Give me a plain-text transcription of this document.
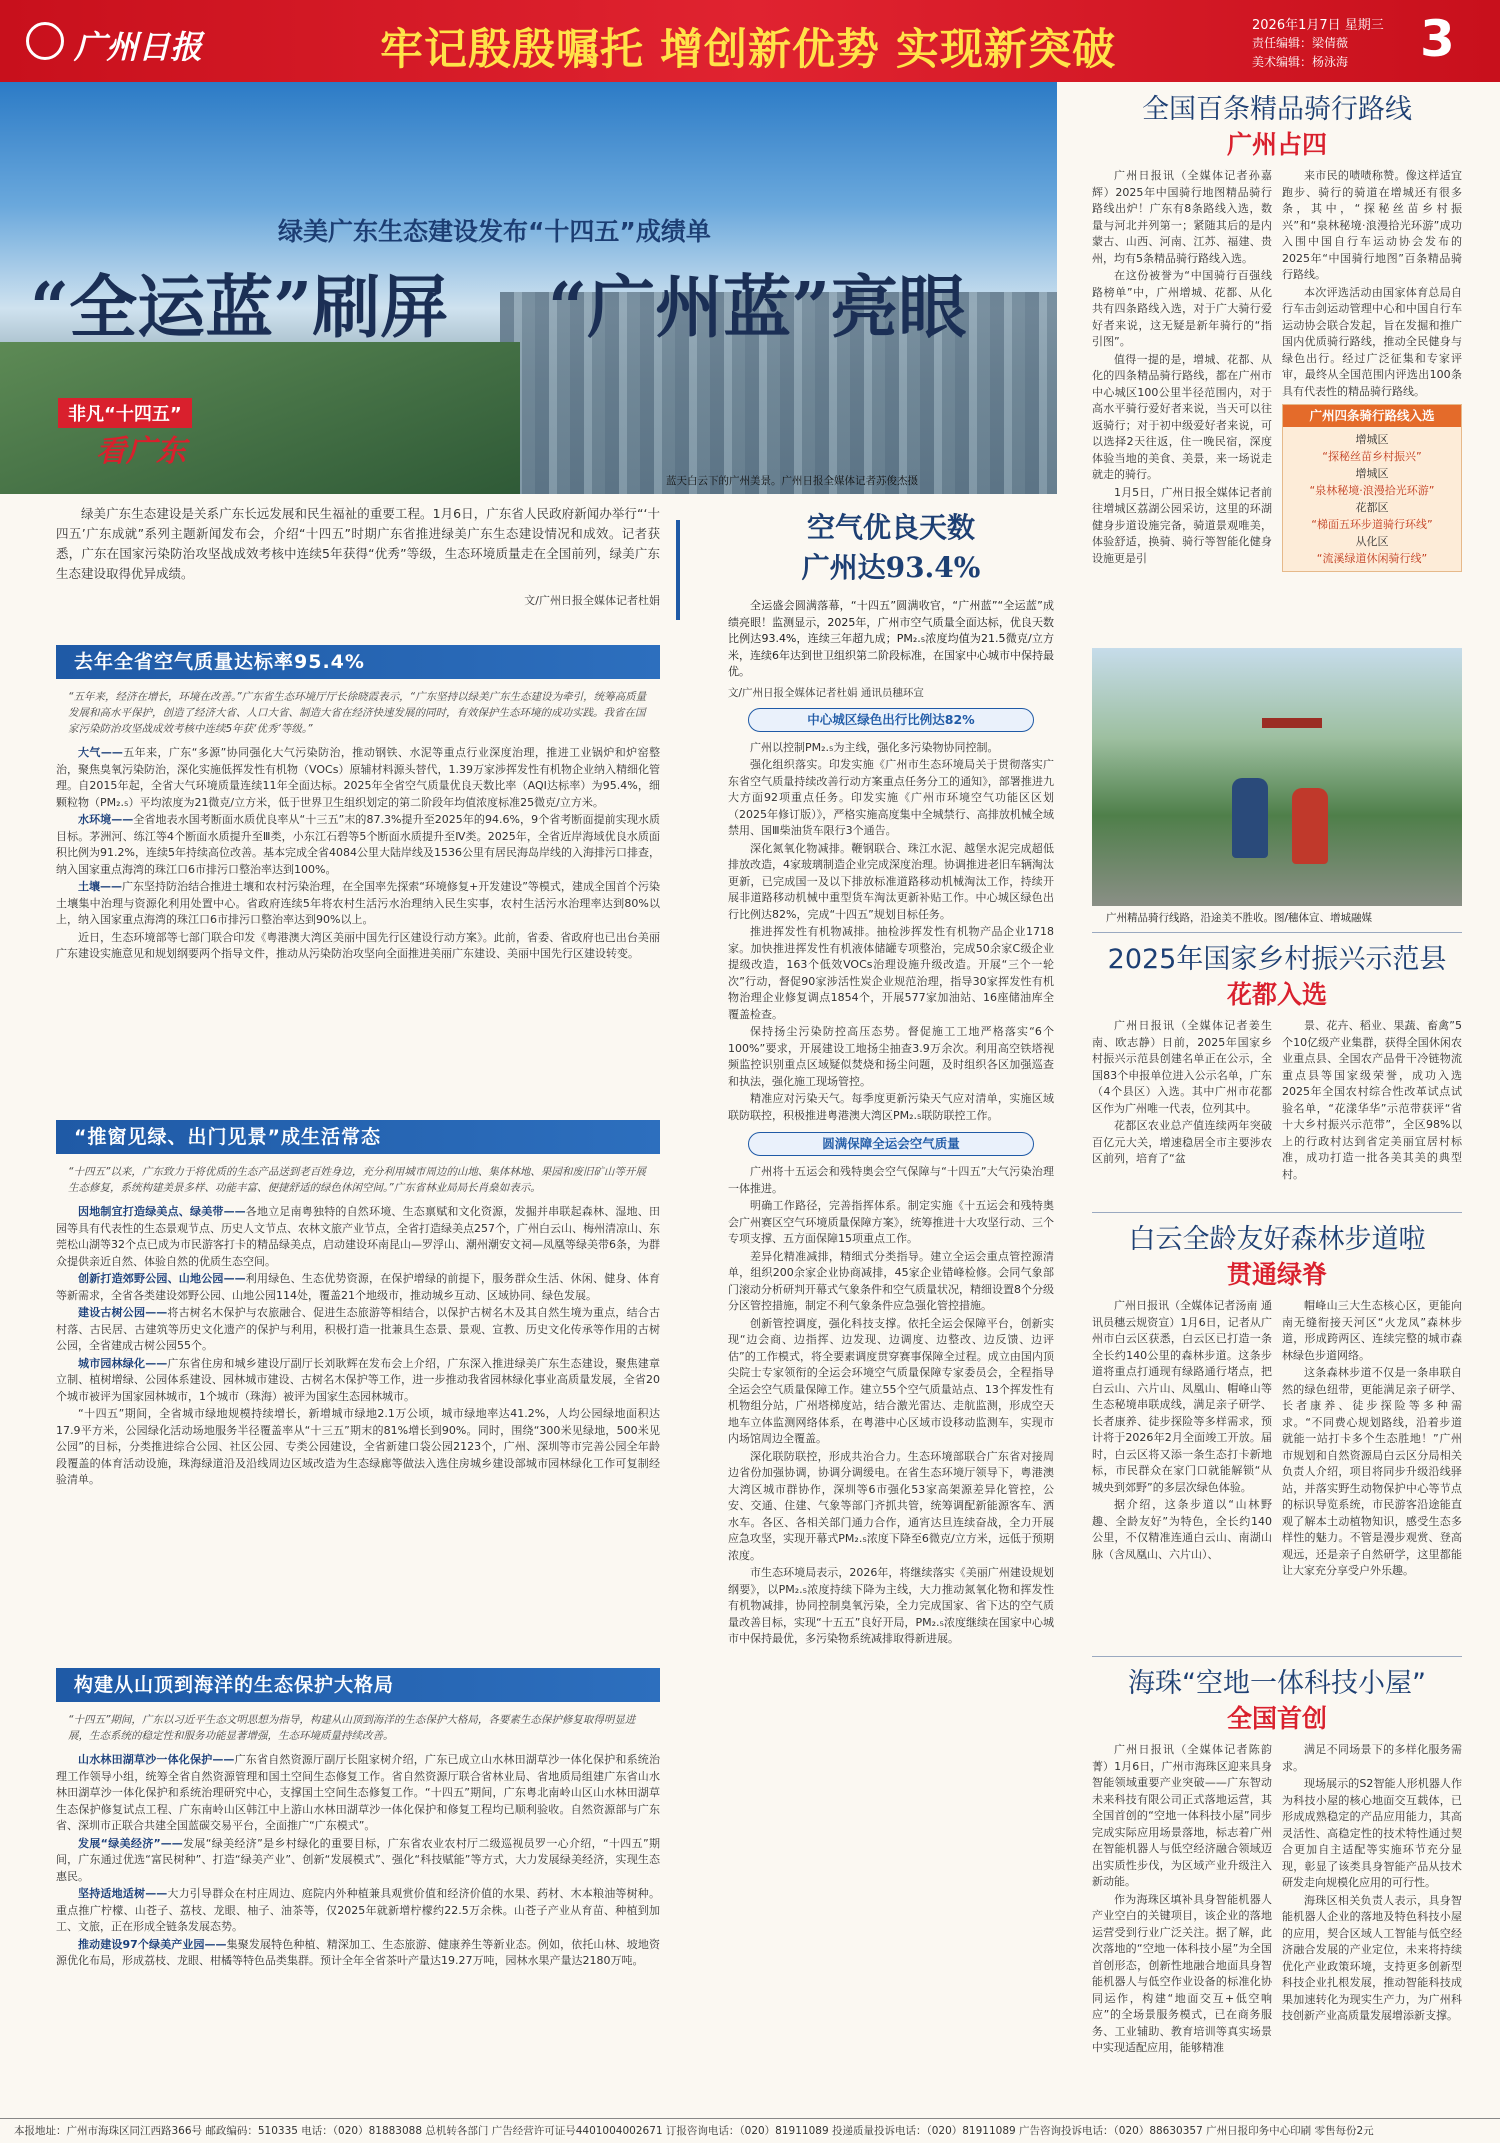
广州日报	牢记殷殷嘱托 增创新优势 实现新突破	2026年1月7日 星期三
责任编辑：梁倩薇
美术编辑：杨泳海 3
绿美广东生态建设发布“十四五”成绩单
“全运蓝”刷屏 “广州蓝”亮眼
非凡“十四五”
看广东
蓝天白云下的广州美景。广州日报全媒体记者苏俊杰摄

绿美广东生态建设是关系广东长远发展和民生福祉的重要工程。1月6日，广东省人民政府新闻办举行“‘十四五’广东成就”系列主题新闻发布会，介绍“十四五”时期广东省推进绿美广东生态建设情况和成效。记者获悉，广东在国家污染防治攻坚战成效考核中连续5年获得“优秀”等级，生态环境质量走在全国前列，绿美广东生态建设取得优异成绩。

文/广州日报全媒体记者杜娟
去年全省空气质量达标率95.4%
“五年来，经济在增长，环境在改善。”广东省生态环境厅厅长徐晓霞表示，“广东坚持以绿美广东生态建设为牵引，统筹高质量发展和高水平保护，创造了经济大省、人口大省、制造大省在经济快速发展的同时，有效保护生态环境的成功实践。我省在国家污染防治攻坚战成效考核中连续5年获‘优秀’等级。”

大气——五年来，广东“多源”协同强化大气污染防治，推动钢铁、水泥等重点行业深度治理，推进工业锅炉和炉窑整治，聚焦臭氧污染防治，深化实施低挥发性有机物（VOCs）原辅材料源头替代，1.39万家涉挥发性有机物企业纳入精细化管理。自2015年起，全省大气环境质量连续11年全面达标。2025年全省空气质量优良天数比率（AQI达标率）为95.4%，细颗粒物（PM₂.₅）平均浓度为21微克/立方米，低于世界卫生组织划定的第二阶段年均值浓度标准25微克/立方米。

水环境——全省地表水国考断面水质优良率从“十三五”末的87.3%提升至2025年的94.6%，9个省考断面提前实现水质目标。茅洲河、练江等4个断面水质提升至Ⅲ类，小东江石碧等5个断面水质提升至Ⅳ类。2025年，全省近岸海域优良水质面积比例为91.2%，连续5年持续高位改善。基本完成全省4084公里大陆岸线及1536公里有居民海岛岸线的入海排污口排查，纳入国家重点海湾的珠江口6市排污口整治率达到100%。

土壤——广东坚持防治结合推进土壤和农村污染治理，在全国率先探索“环境修复+开发建设”等模式，建成全国首个污染土壤集中治理与资源化利用处置中心。省政府连续5年将农村生活污水治理纳入民生实事，农村生活污水治理率达到80%以上，纳入国家重点海湾的珠江口6市排污口整治率达到90%以上。

近日，生态环境部等七部门联合印发《粤港澳大湾区美丽中国先行区建设行动方案》。此前，省委、省政府也已出台美丽广东建设实施意见和规划纲要两个指导文件，推动从污染防治攻坚向全面推进美丽广东建设、美丽中国先行区建设转变。

“推窗见绿、出门见景”成生活常态
“十四五”以来，广东致力于将优质的生态产品送到老百姓身边，充分利用城市周边的山地、集体林地、果园和废旧矿山等开展生态修复，系统构建美景多样、功能丰富、便捷舒适的绿色休闲空间。”广东省林业局局长肖燊如表示。

因地制宜打造绿美点、绿美带——各地立足南粤独特的自然环境、生态禀赋和文化资源，发掘并串联起森林、湿地、田园等具有代表性的生态景观节点、历史人文节点、农林文旅产业节点，全省打造绿美点257个，广州白云山、梅州清凉山、东莞松山湖等32个点已成为市民游客打卡的精品绿美点，启动建设环南昆山—罗浮山、潮州潮安文祠—凤凰等绿美带6条，为群众提供亲近自然、体验自然的优质生态空间。

创新打造郊野公园、山地公园——利用绿色、生态优势资源，在保护增绿的前提下，服务群众生活、休闲、健身、体育等新需求，全省各类建设郊野公园、山地公园114处，覆盖21个地级市，推动城乡互动、区域协同、绿色发展。

建设古树公园——将古树名木保护与农旅融合、促进生态旅游等相结合，以保护古树名木及其自然生境为重点，结合古村落、古民居、古建筑等历史文化遗产的保护与利用，积极打造一批兼具生态景、景观、宣教、历史文化传承等作用的古树公园，全省建成古树公园55个。

城市园林绿化——广东省住房和城乡建设厅副厅长刘耿辉在发布会上介绍，广东深入推进绿美广东生态建设，聚焦建章立制、植树增绿、公园体系建设、园林城市建设、古树名木保护等工作，进一步推动我省园林绿化事业高质量发展，全省20个城市被评为国家园林城市，1个城市（珠海）被评为国家生态园林城市。

“十四五”期间，全省城市绿地规模持续增长，新增城市绿地2.1万公顷，城市绿地率达41.2%，人均公园绿地面积达17.9平方米，公园绿化活动场地服务半径覆盖率从“十三五”期末的81%增长到90%。同时，围绕“300米见绿地，500米见公园”的目标，分类推进综合公园、社区公园、专类公园建设，全省新建口袋公园2123个，广州、深圳等市完善公园全年龄段覆盖的体育活动设施，珠海绿道沿及沿线周边区域改造为生态绿廊等做法入选住房城乡建设部城市园林绿化工作可复制经验清单。

构建从山顶到海洋的生态保护大格局
“十四五”期间，广东以习近平生态文明思想为指导，构建从山顶到海洋的生态保护大格局，各要素生态保护修复取得明显进展，生态系统的稳定性和服务功能显著增强，生态环境质量持续改善。

山水林田湖草沙一体化保护——广东省自然资源厅副厅长阻家树介绍，广东已成立山水林田湖草沙一体化保护和系统治理工作领导小组，统筹全省自然资源管理和国土空间生态修复工作。省自然资源厅联合省林业局、省地质局组建广东省山水林田湖草沙一体化保护和系统治理研究中心，支撑国土空间生态修复工作。“十四五”期间，广东粤北南岭山区山水林田湖草生态保护修复试点工程、广东南岭山区韩江中上游山水林田湖草沙一体化保护和修复工程均已顺利验收。自然资源部与广东省、深圳市正联合共建全国蓝碳交易平台，全面推广“广东模式”。

发展“绿美经济”——发展“绿美经济”是乡村绿化的重要目标，广东省农业农村厅二级巡视员罗一心介绍，“十四五”期间，广东通过优选“富民树种”、打造“绿美产业”、创新“发展模式”、强化“科技赋能”等方式，大力发展绿美经济，实现生态惠民。

坚持适地适树——大力引导群众在村庄周边、庭院内外种植兼具观赏价值和经济价值的水果、药材、木本粮油等树种。重点推广柠檬、山苍子、荔枝、龙眼、柚子、油茶等，仅2025年就新增柠檬约22.5万余株。山苍子产业从育苗、种植到加工、文旅，正在形成全链条发展态势。

推动建设97个绿美产业园——集聚发展特色种植、精深加工、生态旅游、健康养生等新业态。例如，依托山林、坡地资源优化布局，形成荔枝、龙眼、柑橘等特色品类集群。预计全年全省茶叶产量达19.27万吨，园林水果产量达2180万吨。

空气优良天数
广州达93.4%

全运盛会圆满落幕，“十四五”圆满收官，“广州蓝”“全运蓝”成绩亮眼！监测显示，2025年，广州市空气质量全面达标，优良天数比例达93.4%，连续三年超九成；PM₂.₅浓度均值为21.5微克/立方米，连续6年达到世卫组织第二阶段标准，在国家中心城市中保持最优。

文/广州日报全媒体记者杜娟 通讯员穗环宣
中心城区绿色出行比例达82%

广州以控制PM₂.₅为主线，强化多污染物协同控制。

强化组织落实。印发实施《广州市生态环境局关于贯彻落实广东省空气质量持续改善行动方案重点任务分工的通知》，部署推进九大方面92项重点任务。印发实施《广州市环境空气功能区区划（2025年修订版）》，严格实施高度集中全城禁行、高排放机械全域禁用、国Ⅲ柴油货车限行3个通告。

深化氮氧化物减排。鞭钢联合、珠江水泥、越堡水泥完成超低排放改造，4家玻璃制造企业完成深度治理。协调推进老旧车辆淘汰更新，已完成国一及以下排放标准道路移动机械淘汰工作，持续开展非道路移动机械中重型货车淘汰更新补贴工作。中心城区绿色出行比例达82%，完成“十四五”规划目标任务。

推进挥发性有机物减排。抽检涉挥发性有机物产品企业1718家。加快推进挥发性有机液体储罐专项整治，完成50余家C级企业提级改造，163个低效VOCs治理设施升级改造。开展“三个一轮次”行动，督促90家涉活性炭企业规范治理，指导30家挥发性有机物治理企业修复调点1854个，开展577家加油站、16座储油库全覆盖检查。

保持扬尘污染防控高压态势。督促施工工地严格落实“6个100%”要求，开展建设工地扬尘抽查3.9万余次。利用高空铁塔视频监控识别重点区域疑似焚烧和扬尘问题，及时组织各区加强巡查和执法，强化施工现场管控。

精准应对污染天气。每季度更新污染天气应对清单，实施区域联防联控，积极推进粤港澳大湾区PM₂.₅联防联控工作。

圆满保障全运会空气质量

广州将十五运会和残特奥会空气保障与“十四五”大气污染治理一体推进。

明确工作路径，完善指挥体系。制定实施《十五运会和残特奥会广州赛区空气环境质量保障方案》，统筹推进十大攻坚行动、三个专项支撑、五方面保障15项重点工作。

差异化精准减排，精细式分类指导。建立全运会重点管控源清单，组织200余家企业协商减排，45家企业错峰检修。会同气象部门滚动分析研判开幕式气象条件和空气质量状况，精细设置8个分级分区管控措施，制定不利气象条件应急强化管控措施。

创新管控调度，强化科技支撑。依托全运会保障平台，创新实现“边会商、边指挥、边发现、边调度、边整改、边反馈、边评估”的工作模式，将全要素调度贯穿赛事保障全过程。成立由国内顶尖院士专家领衔的全运会环境空气质量保障专家委员会，全程指导全运会空气质量保障工作。建立55个空气质量站点、13个挥发性有机物组分站，广州塔梯度站，结合激光雷达、走航监测，形成空天地车立体监测网络体系，在粤港中心区域市设移动监测车，实现市内场馆周边全覆盖。

深化联防联控，形成共治合力。生态环境部联合广东省对接周边省份加强协调，协调分调缓电。在省生态环境厅领导下，粤港澳大湾区城市群协作，深圳等6市强化53家高架源差异化管控，公安、交通、住建、气象等部门齐抓共管，统筹调配新能源客车、洒水车。各区、各相关部门通力合作，通宵达旦连续奋战，全力开展应急攻坚，实现开幕式PM₂.₅浓度下降至6微克/立方米，远低于预期浓度。

市生态环境局表示，2026年，将继续落实《美丽广州建设规划纲要》，以PM₂.₅浓度持续下降为主线，大力推动氮氧化物和挥发性有机物减排，协同控制臭氧污染，全力完成国家、省下达的空气质量改善目标，实现“十五五”良好开局，PM₂.₅浓度继续在国家中心城市中保持最优，多污染物系统减排取得新进展。

全国百条精品骑行路线
广州占四

广州日报讯（全媒体记者孙嘉辉）2025年中国骑行地图精品骑行路线出炉！广东有8条路线入选，数量与河北并列第一；紧随其后的是内蒙古、山西、河南、江苏、福建、贵州，均有5条精品骑行路线入选。

在这份被誉为“中国骑行百强线路榜单”中，广州增城、花都、从化共有四条路线入选，对于广大骑行爱好者来说，这无疑是新年骑行的“指引图”。

值得一提的是，增城、花都、从化的四条精品骑行路线，都在广州市中心城区100公里半径范围内，对于高水平骑行爱好者来说，当天可以往返骑行；对于初中级爱好者来说，可以选择2天往返，住一晚民宿，深度体验当地的美食、美景，来一场说走就走的骑行。

1月5日，广州日报全媒体记者前往增城区荔湖公园采访，这里的环湖健身步道设施完备，骑道景观唯美，体验舒适，换骑、骑行等智能化健身设施更是引

来市民的啧啧称赞。像这样适宜跑步、骑行的骑道在增城还有很多条，其中，“探秘丝苗乡村振兴”和“泉林秘境·浪漫拾光环游”成功入围中国自行车运动协会发布的2025年“中国骑行地图”百条精品骑行路线。

本次评选活动由国家体育总局自行车击剑运动管理中心和中国自行车运动协会联合发起，旨在发掘和推广国内优质骑行路线，推动全民健身与绿色出行。经过广泛征集和专家评审，最终从全国范围内评选出100条具有代表性的精品骑行路线。

广州四条骑行路线入选
增城区
“探秘丝苗乡村振兴”
增城区
“泉林秘境·浪漫拾光环游”
花都区
“梯面五环步道骑行环线”
从化区
“流溪绿道休闲骑行线”
广州精品骑行线路，沿途美不胜收。图/穗体宣、增城融媒
2025年国家乡村振兴示范县
花都入选

广州日报讯（全媒体记者姜生南、欧志静）日前，2025年国家乡村振兴示范县创建名单正在公示，全国83个申报单位进入公示名单，广东（4个县区）入选。其中广州市花都区作为广州唯一代表，位列其中。

花都区农业总产值连续两年突破百亿元大关，增速稳居全市主要涉农区前列，培育了“盆

景、花卉、稻业、果蔬、畜禽”5个10亿级产业集群，获得全国休闲农业重点县、全国农产品骨干冷链物流重点县等国家级荣誉，成功入选2025年全国农村综合性改革试点试验名单，“花漾华华”示范带获评“省十大乡村振兴示范带”，全区98%以上的行政村达到省定美丽宜居村标准，成功打造一批各美其美的典型村。

白云全龄友好森林步道啦
贯通绿脊

广州日报讯（全媒体记者汤南 通讯员穗云规资宣）1月6日，记者从广州市白云区获悉，白云区已打造一条全长约140公里的森林步道。这条步道将重点打通现有绿路通行堵点，把白云山、六片山、凤凰山、帽峰山等生态秘境串联成线，满足亲子研学、长者康养、徒步探险等多样需求，预计将于2026年2月全面竣工开放。届时，白云区将又添一条生态打卡新地标，市民群众在家门口就能解锁“从城央到郊野”的多层次绿色体验。

据介绍，这条步道以“山林野趣、全龄友好”为特色，全长约140公里，不仅精准连通白云山、南湖山脉（含凤凰山、六片山）、

帽峰山三大生态核心区，更能向南无缝衔接天河区“火龙凤”森林步道，形成跨两区、连续完整的城市森林绿色步道网络。

这条森林步道不仅是一条串联自然的绿色纽带，更能满足亲子研学、长者康养、徒步探险等多种需求。“不同费心规划路线，沿着步道就能一站打卡多个生态胜地！”广州市规划和自然资源局白云区分局相关负责人介绍，项目将同步升级沿线驿站，并落实野生动物保护中心等节点的标识导览系统，市民游客沿途能直观了解本土动植物知识，感受生态多样性的魅力。不管是漫步观赏、登高观远，还是亲子自然研学，这里都能让大家充分享受户外乐趣。

海珠“空地一体科技小屋”
全国首创

广州日报讯（全媒体记者陈韵菁）1月6日，广州市海珠区迎来具身智能领域重要产业突破——广东智动未来科技有限公司正式落地运营，其全国首创的“空地一体科技小屋”同步完成实际应用场景落地，标志着广州在智能机器人与低空经济融合领域迈出实质性步伐，为区域产业升级注入新动能。

作为海珠区填补具身智能机器人产业空白的关键项目，该企业的落地运营受到行业广泛关注。据了解，此次落地的“空地一体科技小屋”为全国首创形态，创新性地融合地面具身智能机器人与低空作业设备的标准化协同运作，构建“地面交互+低空响应”的全场景服务模式，已在商务服务、工业辅助、教育培训等真实场景中实现适配应用，能够精准

满足不同场景下的多样化服务需求。

现场展示的S2智能人形机器人作为科技小屋的核心地面交互载体，已形成成熟稳定的产品应用能力，其高灵活性、高稳定性的技术特性通过契合更加自主适配等实施环节充分显现，彰显了该类具身智能产品从技术研发走向规模化应用的可行性。

海珠区相关负责人表示，具身智能机器人企业的落地及特色科技小屋的应用，契合区域人工智能与低空经济融合发展的产业定位，未来将持续优化产业政策环境，支持更多创新型科技企业扎根发展，推动智能科技成果加速转化为现实生产力，为广州科技创新产业高质量发展增添新支撑。

本报地址：广州市海珠区同江西路366号 邮政编码：510335 电话：（020）81883088 总机转各部门 广告经营许可证号4401004002671 订报咨询电话：（020）81911089 投递质量投诉电话：（020）81911089 广告咨询投诉电话：（020）88630357 广州日报印务中心印刷 零售每份2元
